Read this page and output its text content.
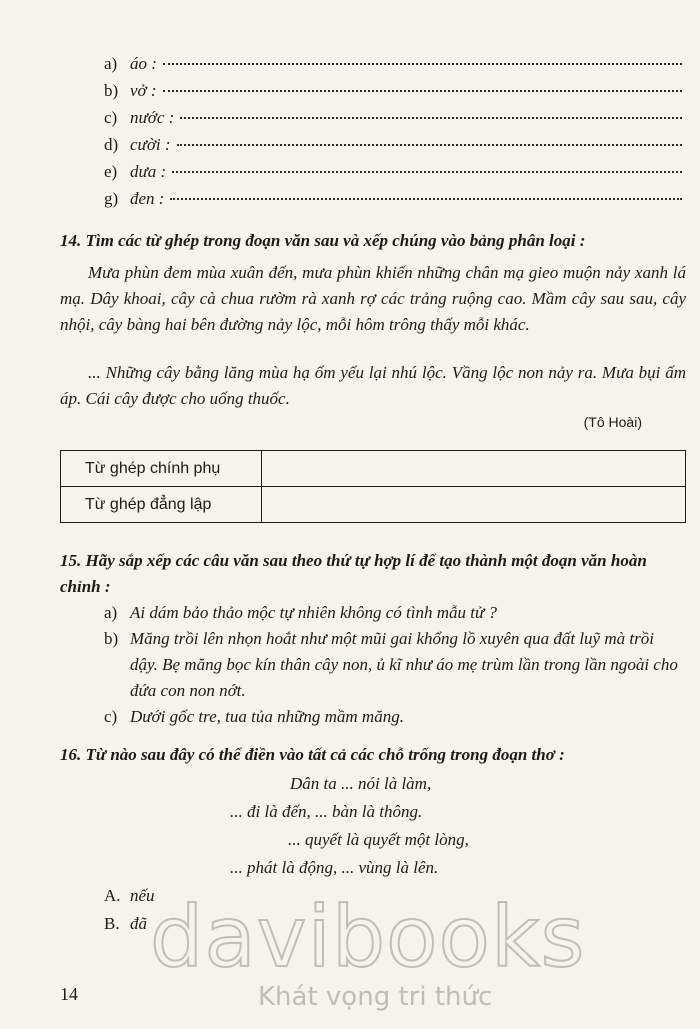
a) áo :
b) vở :
c) nước :
d) cười :
e) dưa :
g) đen :
14. Tìm các từ ghép trong đoạn văn sau và xếp chúng vào bảng phân loại :
Mưa phùn đem mùa xuân đến, mưa phùn khiến những chân mạ gieo muộn nảy xanh lá mạ. Dây khoai, cây cà chua rườm rà xanh rợ các trảng ruộng cao. Mầm cây sau sau, cây nhội, cây bàng hai bên đường nảy lộc, mỗi hôm trông thấy mỗi khác.
... Những cây bằng lăng mùa hạ ốm yếu lại nhú lộc. Vầng lộc non nảy ra. Mưa bụi ấm áp. Cái cây được cho uống thuốc.
(Tô Hoài)
Từ ghép chính phụ	
Từ ghép đẳng lập	
15. Hãy sắp xếp các câu văn sau theo thứ tự hợp lí để tạo thành một đoạn văn hoàn chỉnh :
a) Ai dám bảo thảo mộc tự nhiên không có tình mẫu tử ?
b) Măng trồi lên nhọn hoắt như một mũi gai khổng lồ xuyên qua đất luỹ mà trồi dậy. Bẹ măng bọc kín thân cây non, ủ kĩ như áo mẹ trùm lần trong lần ngoài cho đứa con non nớt.
c) Dưới gốc tre, tua tủa những mầm măng.
16. Từ nào sau đây có thể điền vào tất cả các chỗ trống trong đoạn thơ :
Dân ta ... nói là làm,
... đi là đến, ... bàn là thông.
... quyết là quyết một lòng,
... phát là động, ... vùng là lên.
A. nếu
B. đã davibooks
Khát vọng tri thức
14
